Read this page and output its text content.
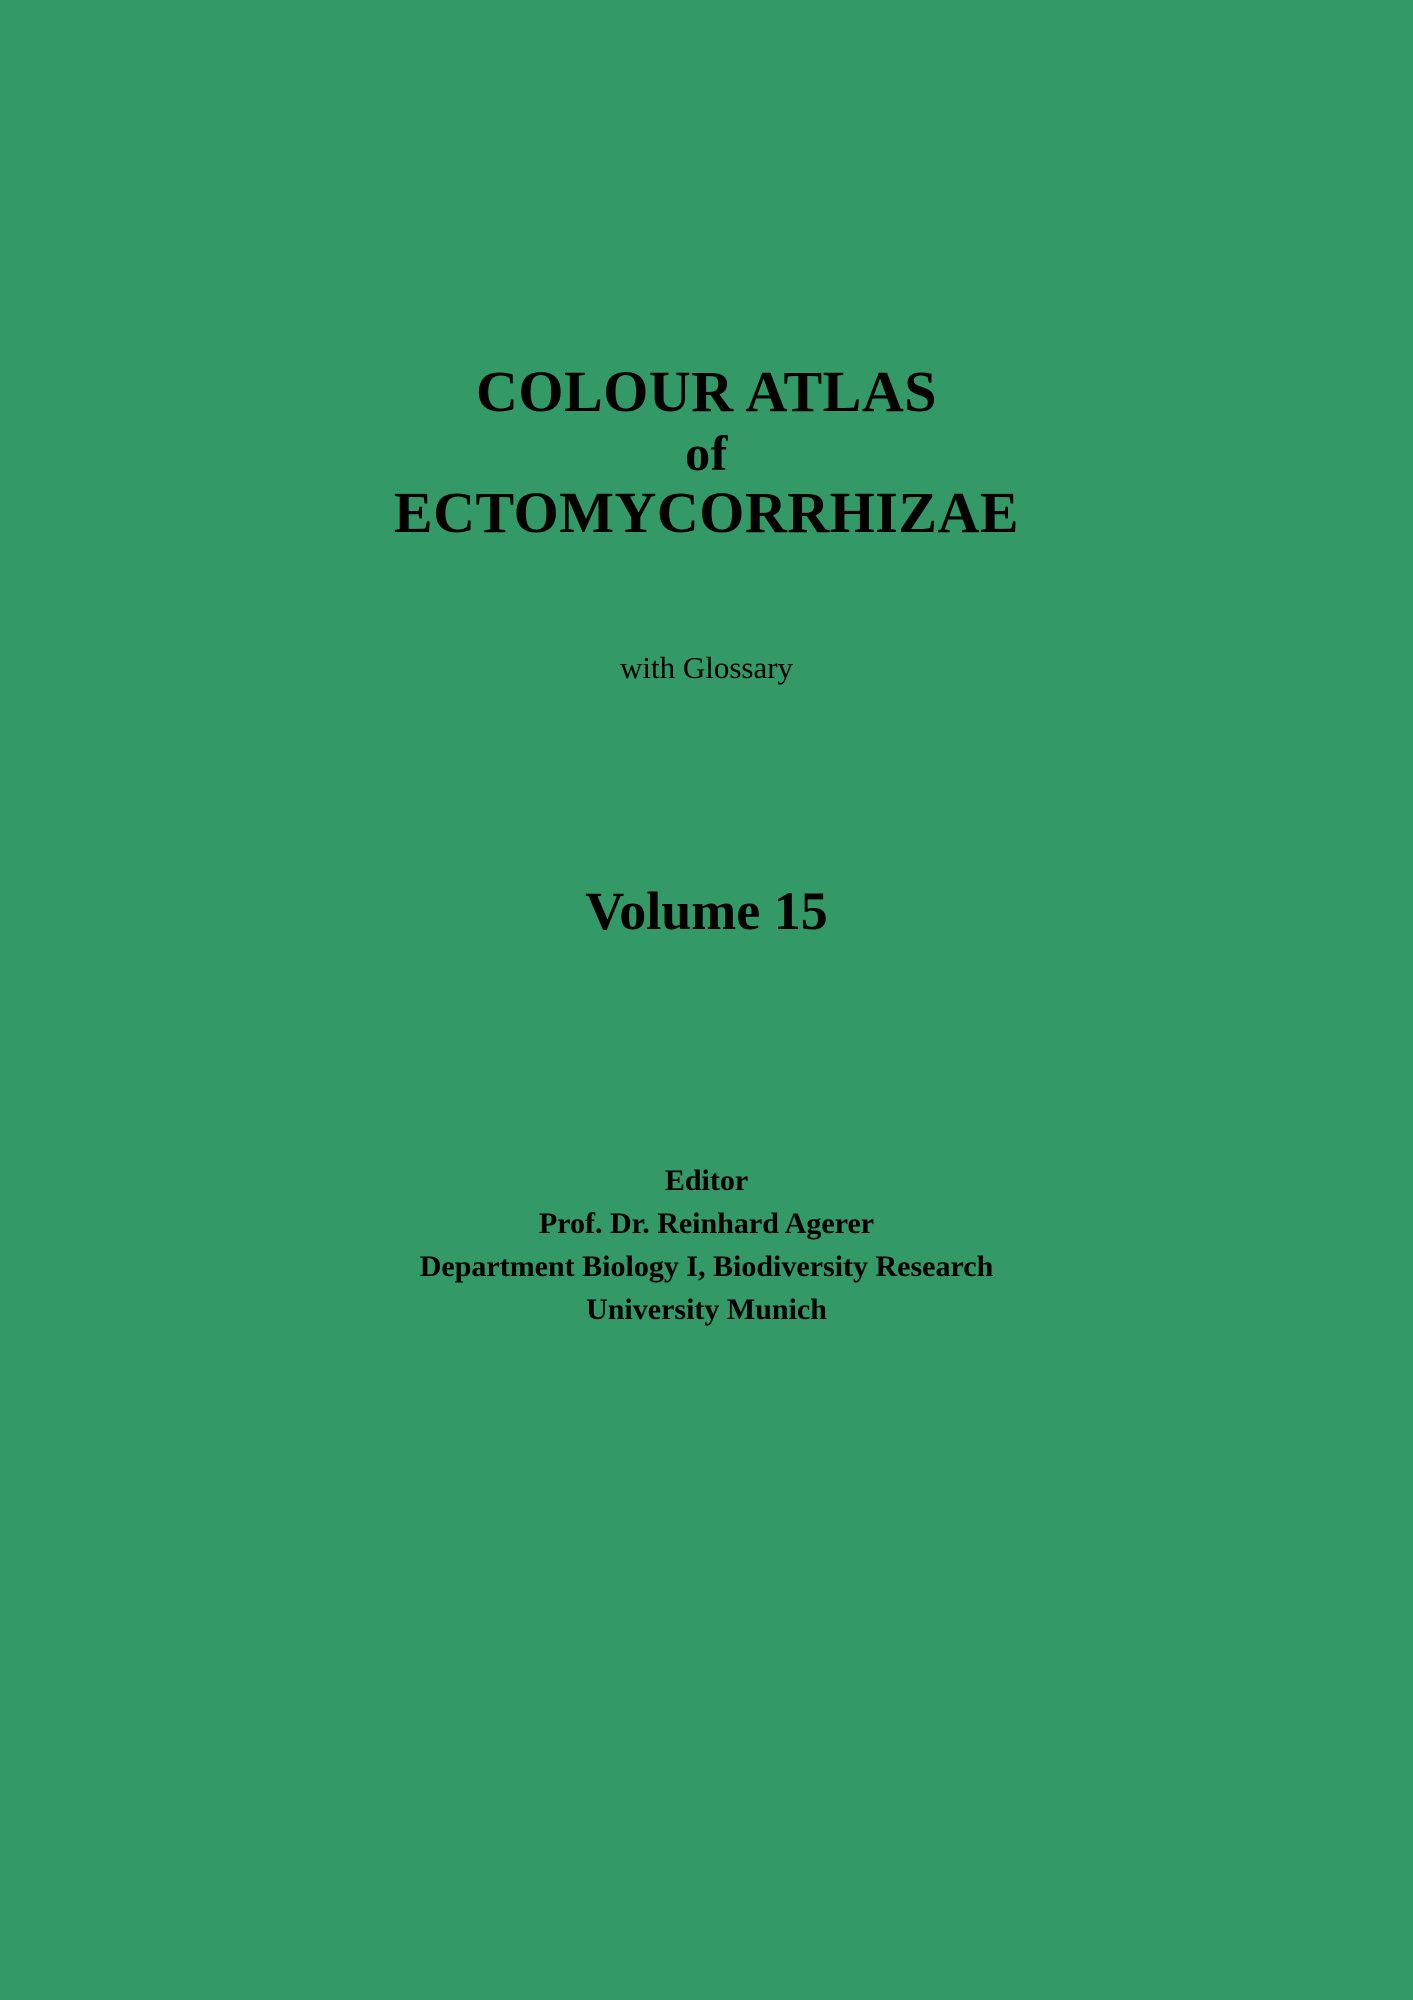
COLOUR ATLAS
of
ECTOMYCORRHIZAE
with Glossary
Volume 15
Editor
Prof. Dr. Reinhard Agerer
Department Biology I, Biodiversity Research
University Munich
